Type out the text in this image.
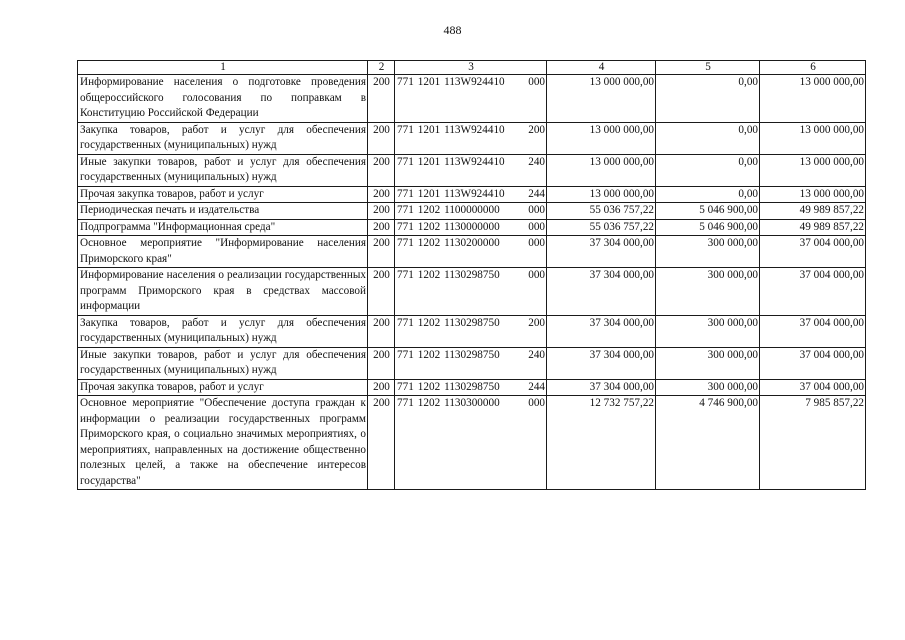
488
1	2	3	4	5	6
Информирование населения о подготовке проведения общероссийского голосования по поправкам в Конституцию Российской Федерации	200	771 1201 113W924410 000	13 000 000,00	0,00	13 000 000,00
Закупка товаров, работ и услуг для обеспечения государственных (муниципальных) нужд	200	771 1201 113W924410 200	13 000 000,00	0,00	13 000 000,00
Иные закупки товаров, работ и услуг для обеспечения государственных (муниципальных) нужд	200	771 1201 113W924410 240	13 000 000,00	0,00	13 000 000,00
Прочая закупка товаров, работ и услуг	200	771 1201 113W924410 244	13 000 000,00	0,00	13 000 000,00
Периодическая печать и издательства	200	771 1202 1100000000 000	55 036 757,22	5 046 900,00	49 989 857,22
Подпрограмма "Информационная среда"	200	771 1202 1130000000 000	55 036 757,22	5 046 900,00	49 989 857,22
Основное мероприятие "Информирование населения Приморского края"	200	771 1202 1130200000 000	37 304 000,00	300 000,00	37 004 000,00
Информирование населения о реализации государственных программ Приморского края в средствах массовой информации	200	771 1202 1130298750 000	37 304 000,00	300 000,00	37 004 000,00
Закупка товаров, работ и услуг для обеспечения государственных (муниципальных) нужд	200	771 1202 1130298750 200	37 304 000,00	300 000,00	37 004 000,00
Иные закупки товаров, работ и услуг для обеспечения государственных (муниципальных) нужд	200	771 1202 1130298750 240	37 304 000,00	300 000,00	37 004 000,00
Прочая закупка товаров, работ и услуг	200	771 1202 1130298750 244	37 304 000,00	300 000,00	37 004 000,00
Основное мероприятие "Обеспечение доступа граждан к информации о реализации государственных программ Приморского края, о социально значимых мероприятиях, о мероприятиях, направленных на достижение общественно полезных целей, а также на обеспечение интересов государства"	200	771 1202 1130300000 000	12 732 757,22	4 746 900,00	7 985 857,22
